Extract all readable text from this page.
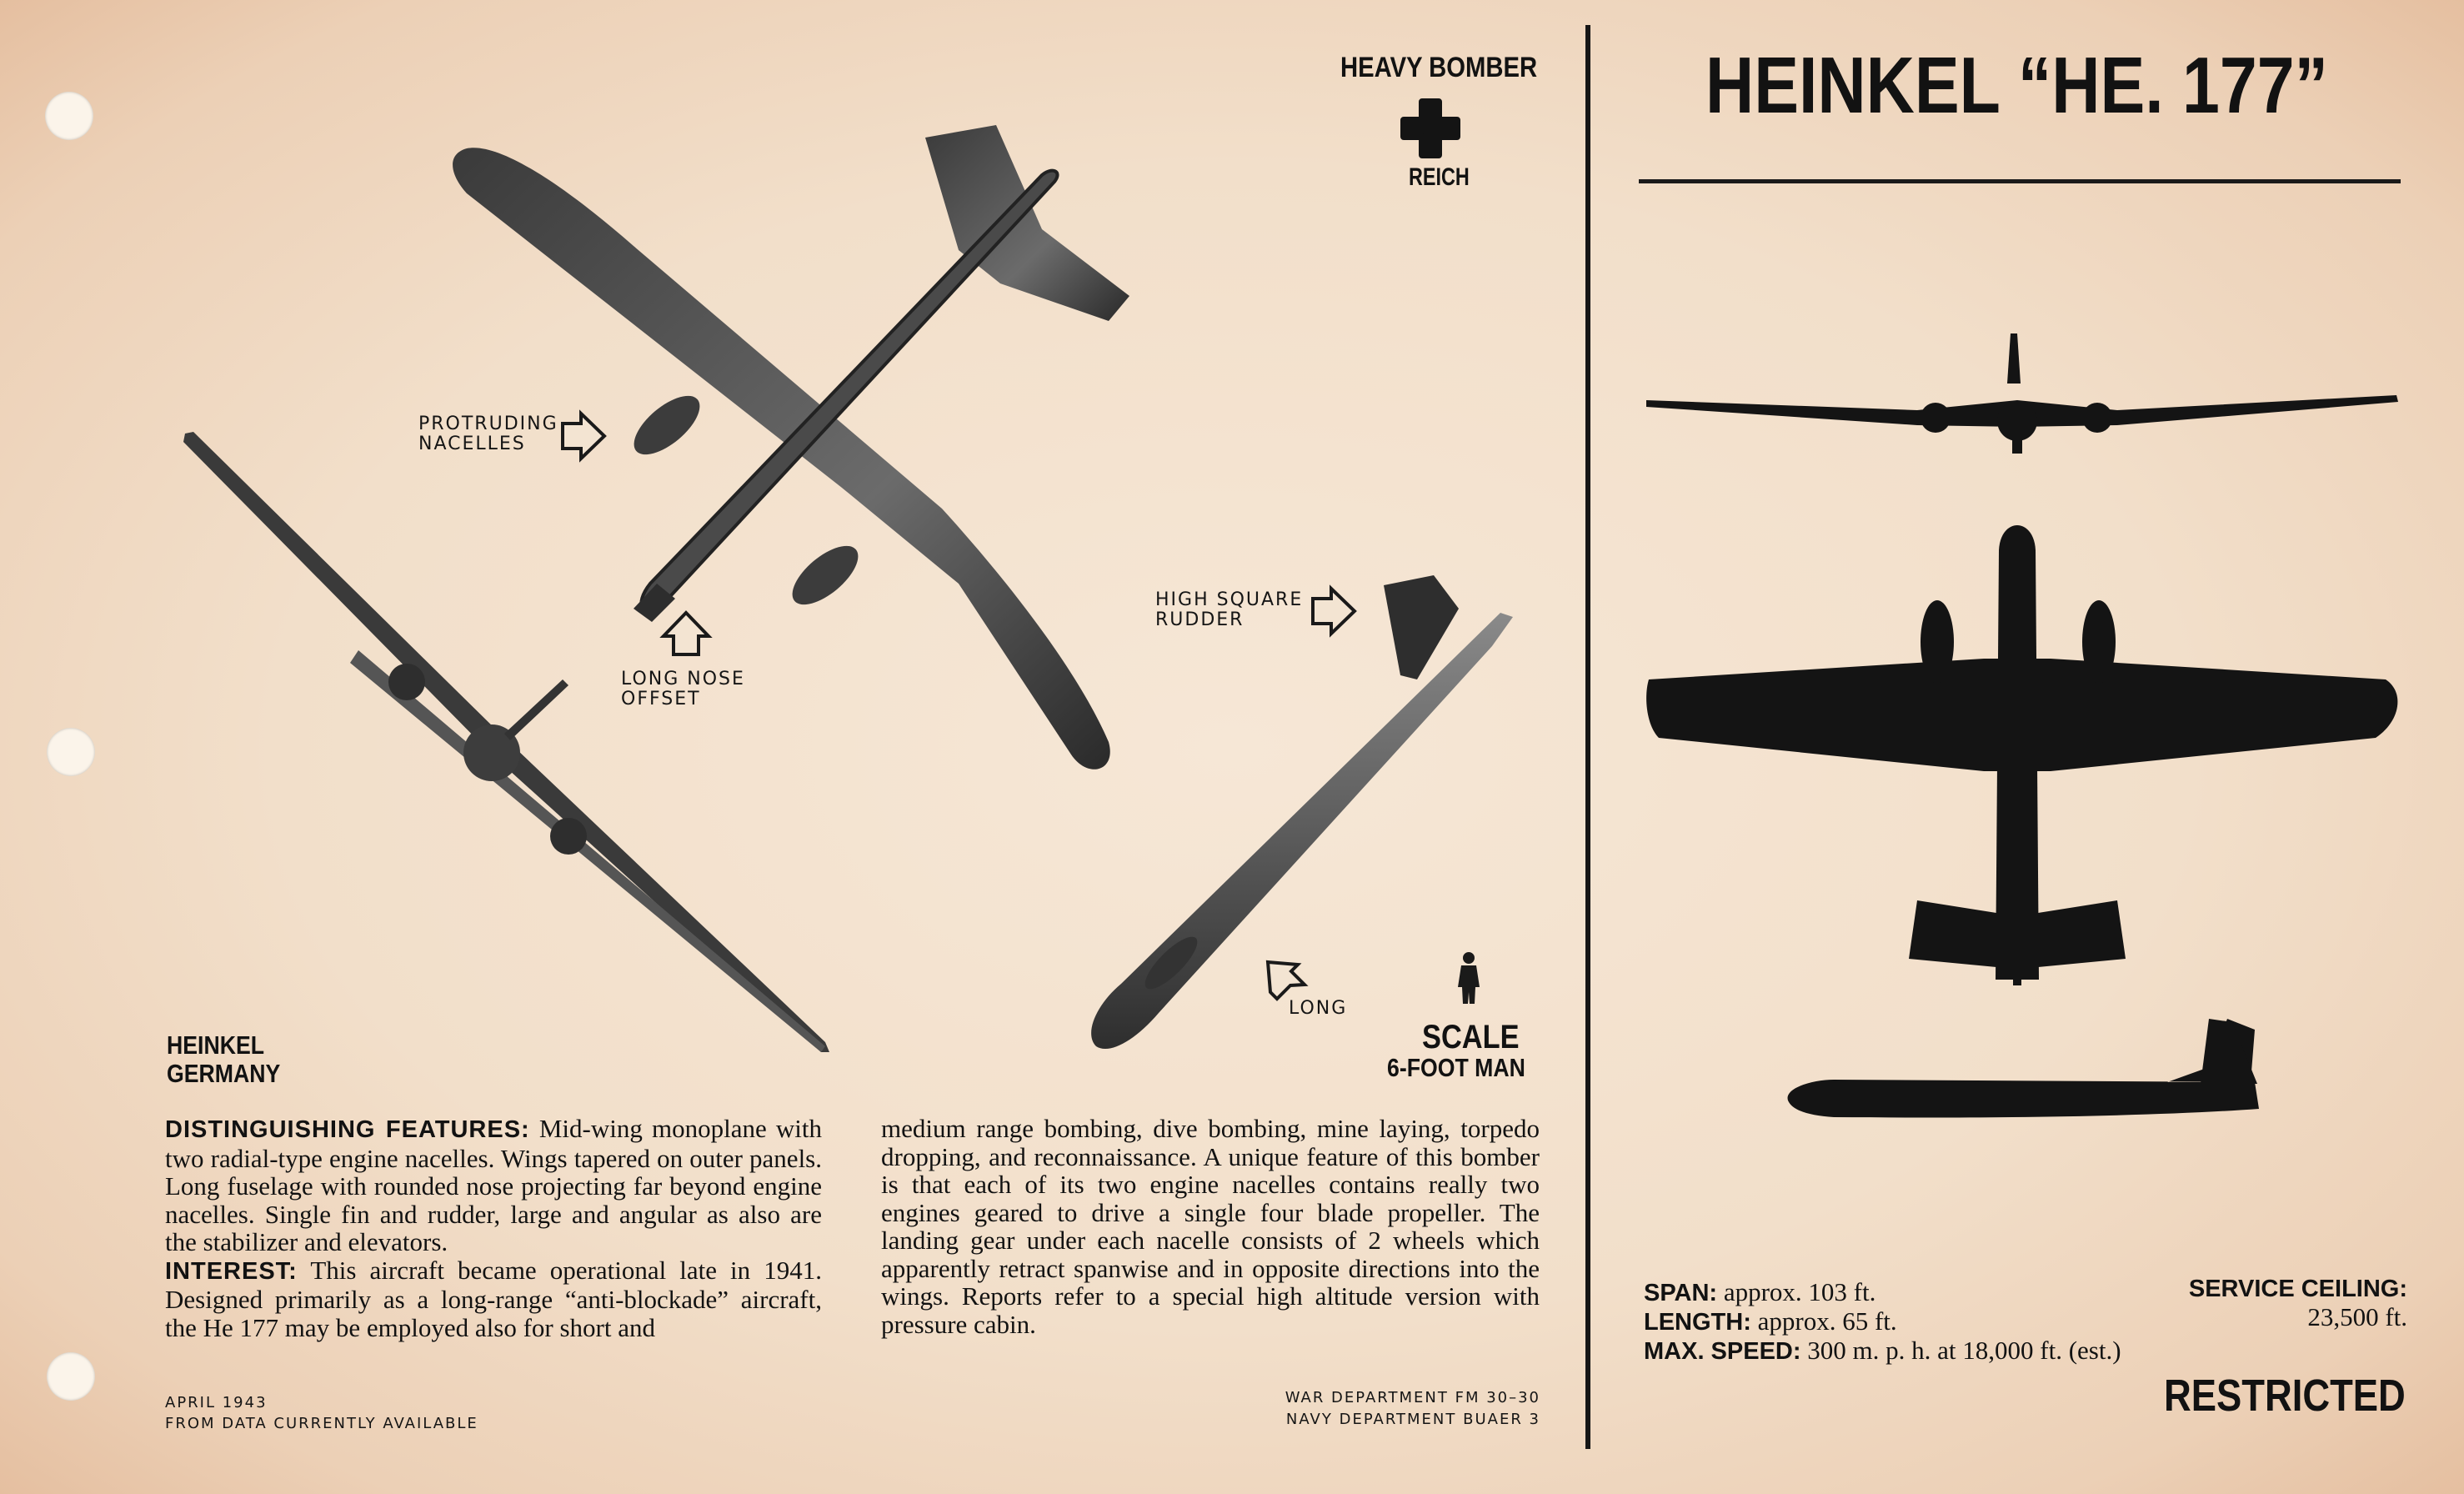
HEINKEL “HE. 177”
HEAVY BOMBER
REICH
PROTRUDING
NACELLES
LONG NOSE
OFFSET
HIGH SQUARE
RUDDER
LONG
HEINKEL
GERMANY
SCALE
6-FOOT MAN
DISTINGUISHING FEATURES: Mid-wing monoplane with two radial-type engine nacelles. Wings tapered on outer panels. Long fuselage with rounded nose projecting far beyond engine nacelles. Single fin and rudder, large and angular as also are the stabilizer and elevators.
INTEREST: This aircraft became operational late in 1941. Designed primarily as a long-range “anti-blockade” aircraft, the He 177 may be employed also for short and
medium range bombing, dive bombing, mine laying, torpedo dropping, and reconnaissance. A unique feature of this bomber is that each of its two engine nacelles contains really two engines geared to drive a single four blade propeller. The landing gear under each nacelle consists of 2 wheels which apparently retract spanwise and in opposite directions into the wings. Reports refer to a special high altitude version with pressure cabin.
APRIL 1943
FROM DATA CURRENTLY AVAILABLE
WAR DEPARTMENT FM 30–30
NAVY DEPARTMENT BUAER 3
SPAN: approx. 103 ft.
LENGTH: approx. 65 ft.
MAX. SPEED: 300 m. p. h. at 18,000 ft. (est.)
SERVICE CEILING:
23,500 ft.
RESTRICTED
